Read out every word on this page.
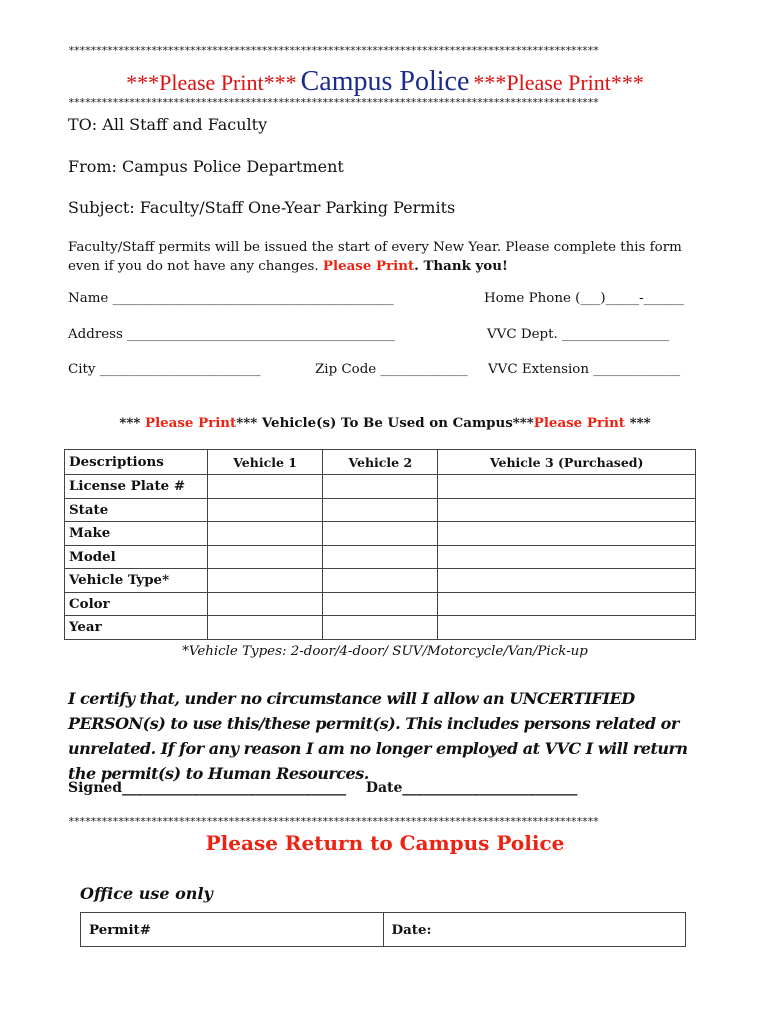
************************************************************************************************
***Please Print*** Campus Police ***Please Print***
************************************************************************************************
TO: All Staff and Faculty
From: Campus Police Department
Subject: Faculty/Staff One-Year Parking Permits
Faculty/Staff permits will be issued the start of every New Year. Please complete this form even if you do not have any changes. Please Print. Thank you!
Name __________________________________________	Home Phone (___)_____-______
Address ________________________________________	VVC Dept. ________________
City ________________________	Zip Code _____________ VVC Extension _____________
*** Please Print*** Vehicle(s) To Be Used on Campus***Please Print ***
Descriptions	Vehicle 1	Vehicle 2	Vehicle 3 (Purchased)
License Plate #			
State			
Make			
Model			
Vehicle Type*			
Color			
Year			
*Vehicle Types: 2-door/4-door/ SUV/Motorcycle/Van/Pick-up
I certify that, under no circumstance will I allow an UNCERTIFIED PERSON(s) to use this/these permit(s). This includes persons related or unrelated. If for any reason I am no longer employed at VVC I will return the permit(s) to Human Resources.
Signed________________________________ Date_________________________
************************************************************************************************
Please Return to Campus Police
Office use only
Permit#	Date:
